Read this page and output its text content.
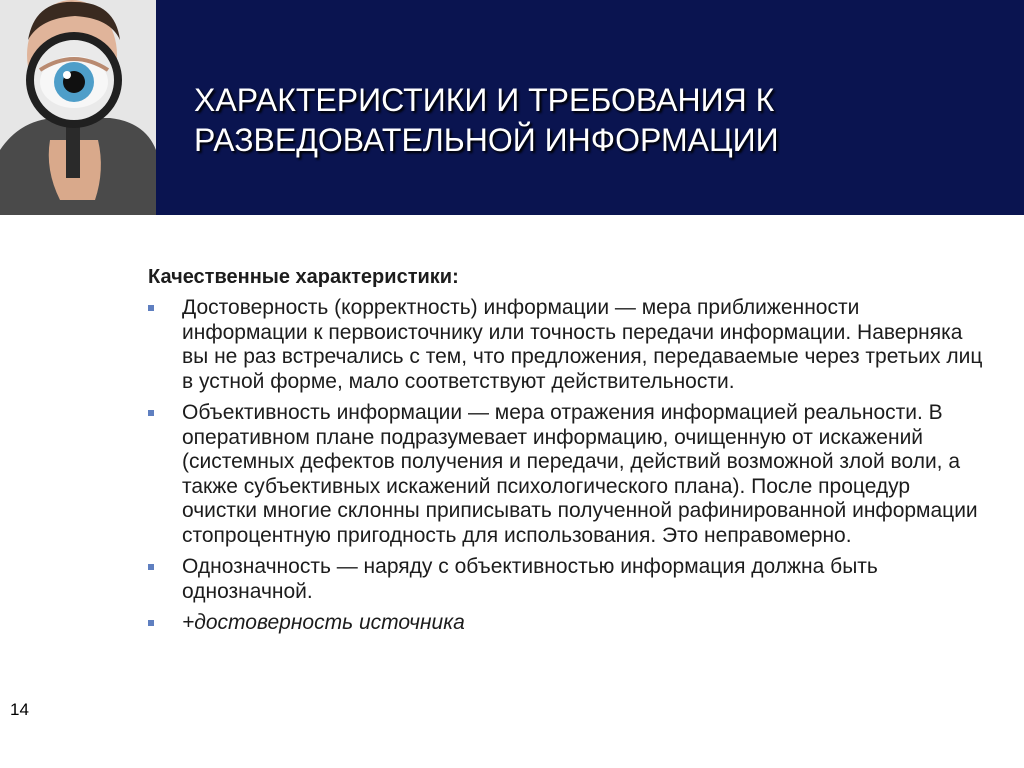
ХАРАКТЕРИСТИКИ И ТРЕБОВАНИЯ К
РАЗВЕДОВАТЕЛЬНОЙ ИНФОРМАЦИИ
Качественные характеристики:
Достоверность (корректность) информации — мера приближенности информации к первоисточнику или точность передачи информации. Наверняка вы не раз встречались с тем, что предложения, передаваемые через третьих лиц в устной форме, мало соответствуют действительности.
Объективность информации — мера отражения информацией реальности. В оперативном плане подразумевает информацию, очищенную от искажений (системных дефектов получения и передачи, действий возможной злой воли, а также субъективных искажений психологического плана). После процедур очистки многие склонны приписывать полученной рафинированной информации стопроцентную пригодность для использования. Это неправомерно.
Однозначность — наряду с объективностью информация должна быть однозначной.
+достоверность источника
14
